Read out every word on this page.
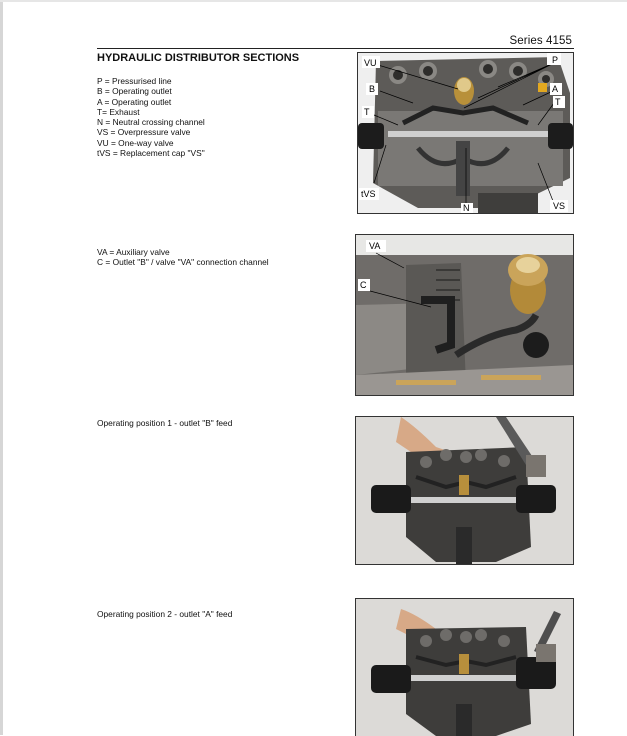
Series 4155
HYDRAULIC DISTRIBUTOR SECTIONS
P = Pressurised line
B = Operating outlet
A = Operating outlet
T= Exhaust
N = Neutral crossing channel
VS = Overpressure valve
VU = One-way valve
tVS = Replacement cap "VS"
VU	P
B	A
T
T
tVS
N	VS
VA = Auxiliary valve
C = Outlet "B" / valve "VA" connection channel
VA
C
Operating position 1 - outlet "B" feed
Operating position 2 - outlet "A" feed
